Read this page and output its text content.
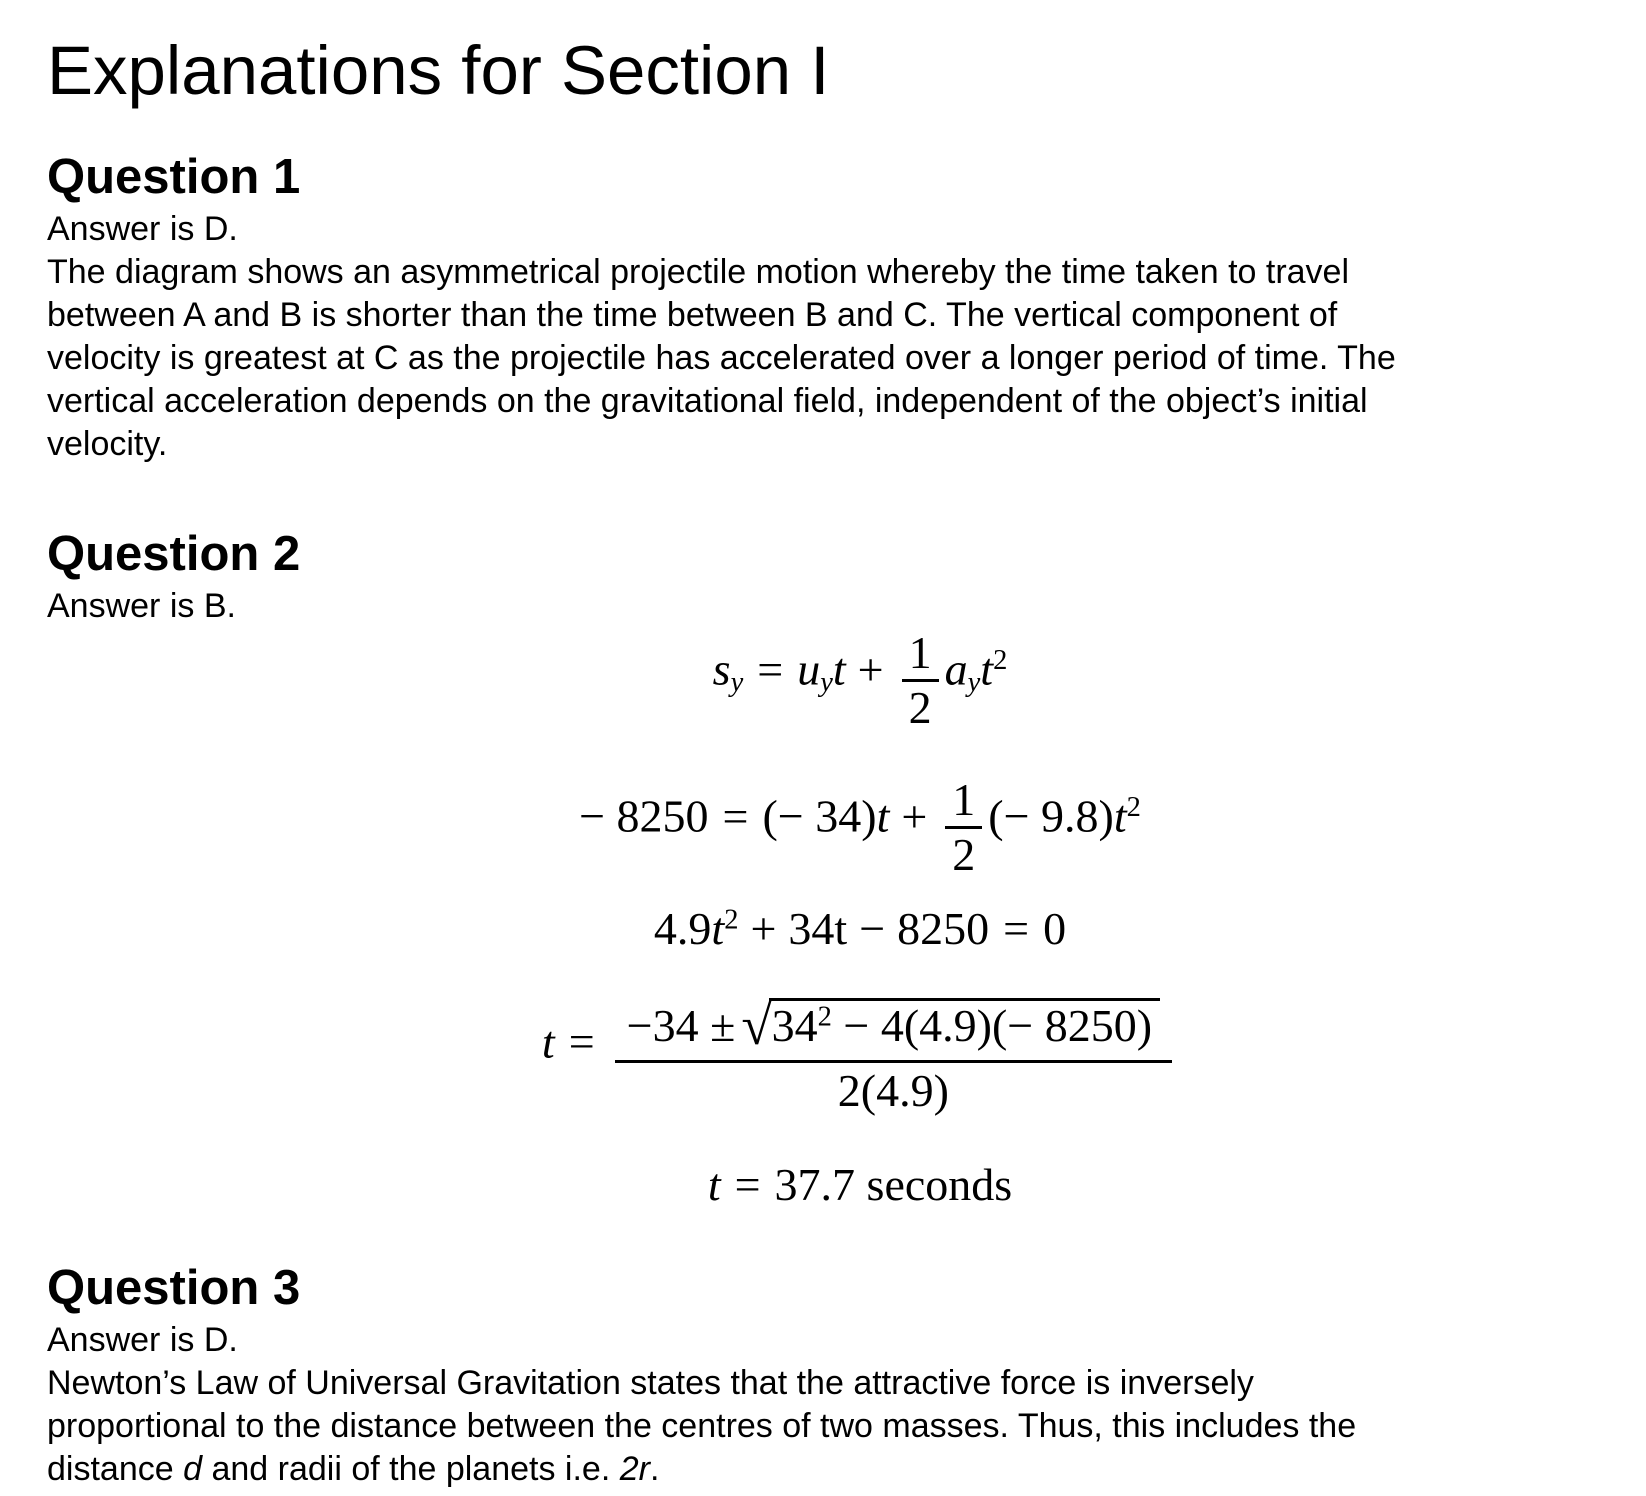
Explanations for Section I
Question 1
Answer is D.
The diagram shows an asymmetrical projectile motion whereby the time taken to travel
between A and B is shorter than the time between B and C. The vertical component of
velocity is greatest at C as the projectile has accelerated over a longer period of time. The
vertical acceleration depends on the gravitational field, independent of the object’s initial
velocity.
Question 2
Answer is B.
sy = uyt + $\frac{1}{2} ayt^2$
− 8250 = (− $34)t + \frac{1}{2}$ (− $9.8)t^2$
$4.9t^2 + 34t - 8250 = 0$
$t = \frac{-34 \pm √34^2 - 4(4.9)(- 8250)}{2(4.9)}$
t = 37.7 seconds
Question 3
Answer is D.
Newton’s Law of Universal Gravitation states that the attractive force is inversely
proportional to the distance between the centres of two masses. Thus, this includes the
distance d and radii of the planets i.e. 2r.
